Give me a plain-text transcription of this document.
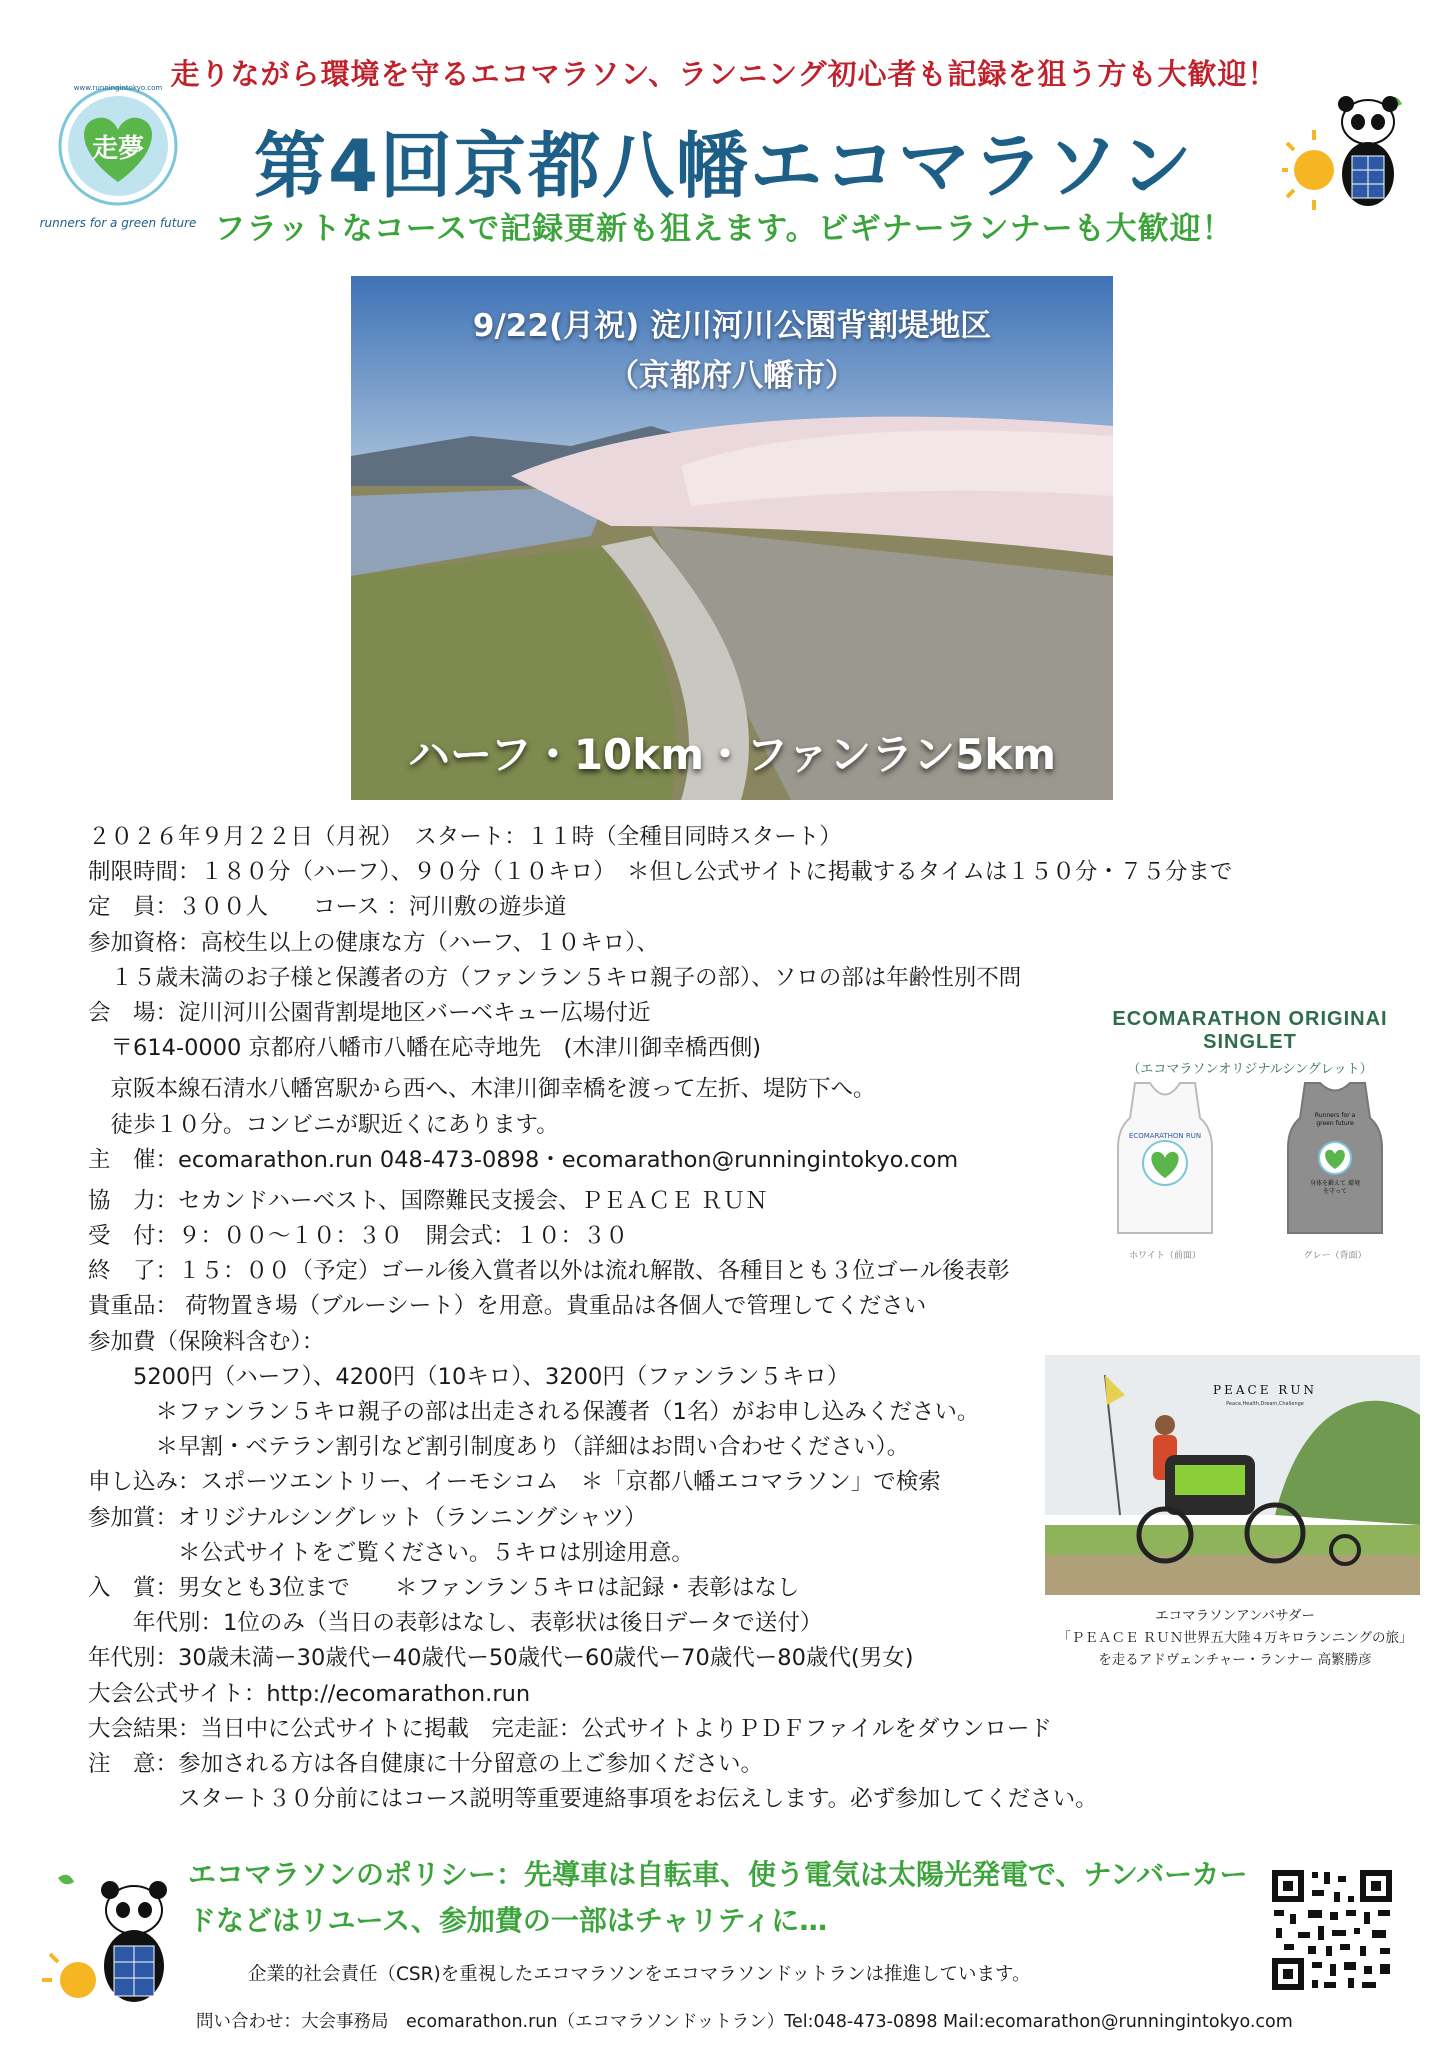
走りながら環境を守るエコマラソン、ランニング初心者も記録を狙う方も大歓迎！
第4回京都八幡エコマラソン
フラットなコースで記録更新も狙えます。ビギナーランナーも大歓迎！
www.runningintokyo.com
走夢
runners for a green future
9/22(月祝) 淀川河川公園背割堤地区
（京都府八幡市）
ハーフ・10km・ファンラン5km
２０２６年９月２２日（月祝）　スタート：１１時（全種目同時スタート）
制限時間：１８０分（ハーフ）、９０分（１０キロ）　＊但し公式サイトに掲載するタイムは１５０分・７５分まで
定　員：３００人　　コース ：河川敷の遊歩道
参加資格：高校生以上の健康な方（ハーフ、１０キロ）、
　１５歳未満のお子様と保護者の方（ファンラン５キロ親子の部）、ソロの部は年齢性別不問
会　場：淀川河川公園背割堤地区バーベキュー広場付近
　〒614-0000 京都府八幡市八幡在応寺地先　(木津川御幸橋西側)
　京阪本線石清水八幡宮駅から西へ、木津川御幸橋を渡って左折、堤防下へ。
　徒歩１０分。コンビニが駅近くにあります。
主　催：ecomarathon.run 048-473-0898・ecomarathon@runningintokyo.com
協　力：セカンドハーベスト、国際難民支援会、ＰＥＡＣＥ ＲＵＮ
受　付：９：００〜１０：３０　開会式：１０：３０
終　了：１５：００（予定）ゴール後入賞者以外は流れ解散、各種目とも３位ゴール後表彰
貴重品： 荷物置き場（ブルーシート）を用意。貴重品は各個人で管理してください
参加費（保険料含む）：
　　5200円（ハーフ）、4200円（10キロ）、3200円（ファンラン５キロ）
　　　＊ファンラン５キロ親子の部は出走される保護者（1名）がお申し込みください。
　　　＊早割・ベテラン割引など割引制度あり（詳細はお問い合わせください）。
申し込み：スポーツエントリー、イーモシコム　＊「京都八幡エコマラソン」で検索
参加賞：オリジナルシングレット（ランニングシャツ）
　　　　＊公式サイトをご覧ください。５キロは別途用意。
入　賞：男女とも3位まで　　＊ファンラン５キロは記録・表彰はなし
　　年代別：1位のみ（当日の表彰はなし、表彰状は後日データで送付）
年代別：30歳未満ー30歳代ー40歳代ー50歳代ー60歳代ー70歳代ー80歳代(男女)
大会公式サイト：http://ecomarathon.run
大会結果：当日中に公式サイトに掲載　完走証：公式サイトよりＰＤＦファイルをダウンロード
注　意：参加される方は各自健康に十分留意の上ご参加ください。
　　　　スタート３０分前にはコース説明等重要連絡事項をお伝えします。必ず参加してください。
ECOMARATHON ORIGINAI SINGLET
（エコマラソンオリジナルシングレット）
ECOMARATHON RUN
Runners for a green future
身体を鍛えて 環境を守って
ホワイト（前面）	グレー（背面）
PEACE RUN
Peace,Health,Dream,Challenge
エコマラソンアンバサダー
「ＰＥＡＣＥ ＲＵＮ世界五大陸４万キロランニングの旅」
を走るアドヴェンチャー・ランナー 高繁勝彦
エコマラソンのポリシー：先導車は自転車、使う電気は太陽光発電で、ナンバーカードなどはリユース、参加費の一部はチャリティに…
企業的社会責任（CSR)を重視したエコマラソンをエコマラソンドットランは推進しています。
問い合わせ：大会事務局　ecomarathon.run（エコマラソンドットラン）Tel:048-473-0898 Mail:ecomarathon@runningintokyo.com
